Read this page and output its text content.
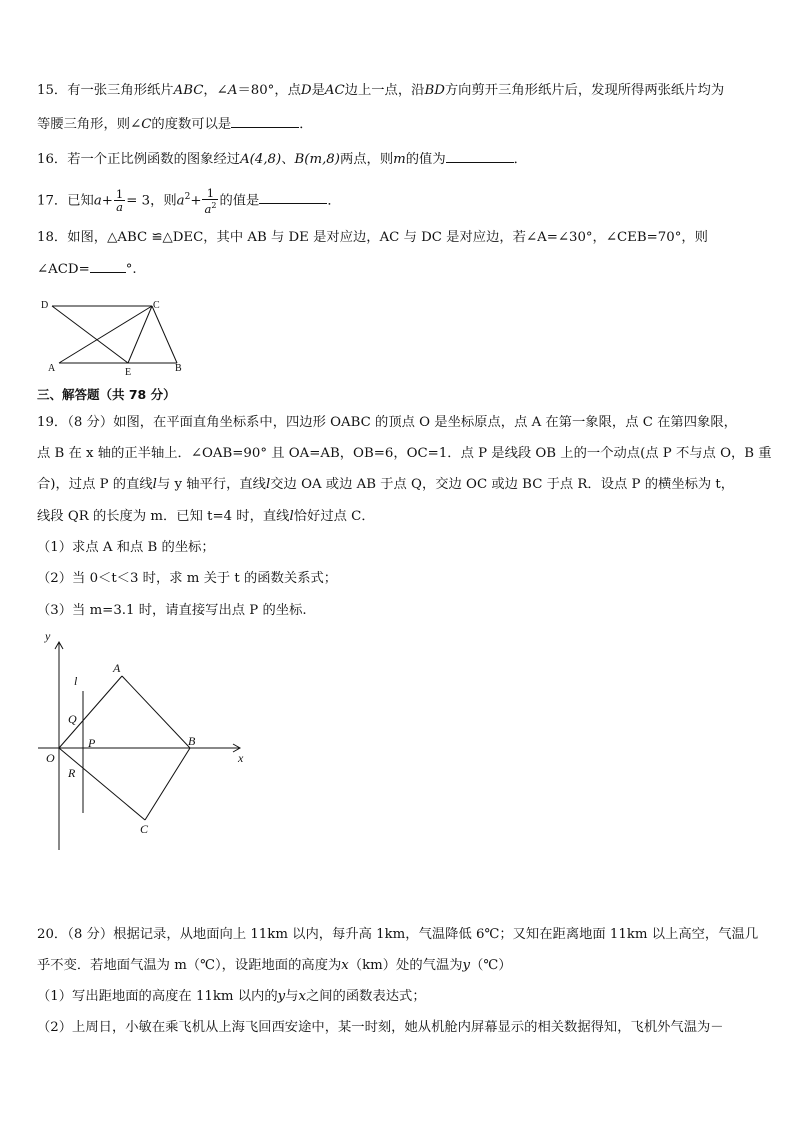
15．有一张三角形纸片ABC，∠A＝80°，点D是AC边上一点，沿BD方向剪开三角形纸片后，发现所得两张纸片均为
等腰三角形，则∠C的度数可以是	．
16．若一个正比例函数的图象经过A(4,8)、B(m,8)两点，则m的值为	．
17．已知$a+ \frac{1}{a} = 3$，则$a^2+ \frac{1}{a^2}$ 的值是	．
18．如图，△ABC ≌△DEC，其中 AB 与 DE 是对应边，AC 与 DC 是对应边，若∠A=∠30°，∠CEB=70°，则
∠ACD=	°.
D	C
A	E	B
三、解答题（共 78 分）
19．（8 分）如图，在平面直角坐标系中，四边形 OABC 的顶点 O 是坐标原点，点 A 在第一象限，点 C 在第四象限，
点 B 在 x 轴的正半轴上．∠OAB=90° 且 OA=AB，OB=6，OC=1．点 P 是线段 OB 上的一个动点(点 P 不与点 O，B 重
合)，过点 P 的直线l与 y 轴平行，直线l交边 OA 或边 AB 于点 Q，交边 OC 或边 BC 于点 R．设点 P 的横坐标为 t，
线段 QR 的长度为 m．已知 t=4 时，直线l恰好过点 C．
（1）求点 A 和点 B 的坐标；
（2）当 0＜t＜3 时，求 m 关于 t 的函数关系式；
（3）当 m=3.1 时，请直接写出点 P 的坐标.
y
x
l
A
Q
P	B
O
R
C
20．（8 分）根据记录，从地面向上 11km 以内，每升高 1km，气温降低 6℃；又知在距离地面 11km 以上高空，气温几
乎不变．若地面气温为 m（℃），设距地面的高度为x（km）处的气温为y（℃）
（1）写出距地面的高度在 11km 以内的y与x之间的函数表达式；
（2）上周日，小敏在乘飞机从上海飞回西安途中，某一时刻，她从机舱内屏幕显示的相关数据得知，飞机外气温为－
